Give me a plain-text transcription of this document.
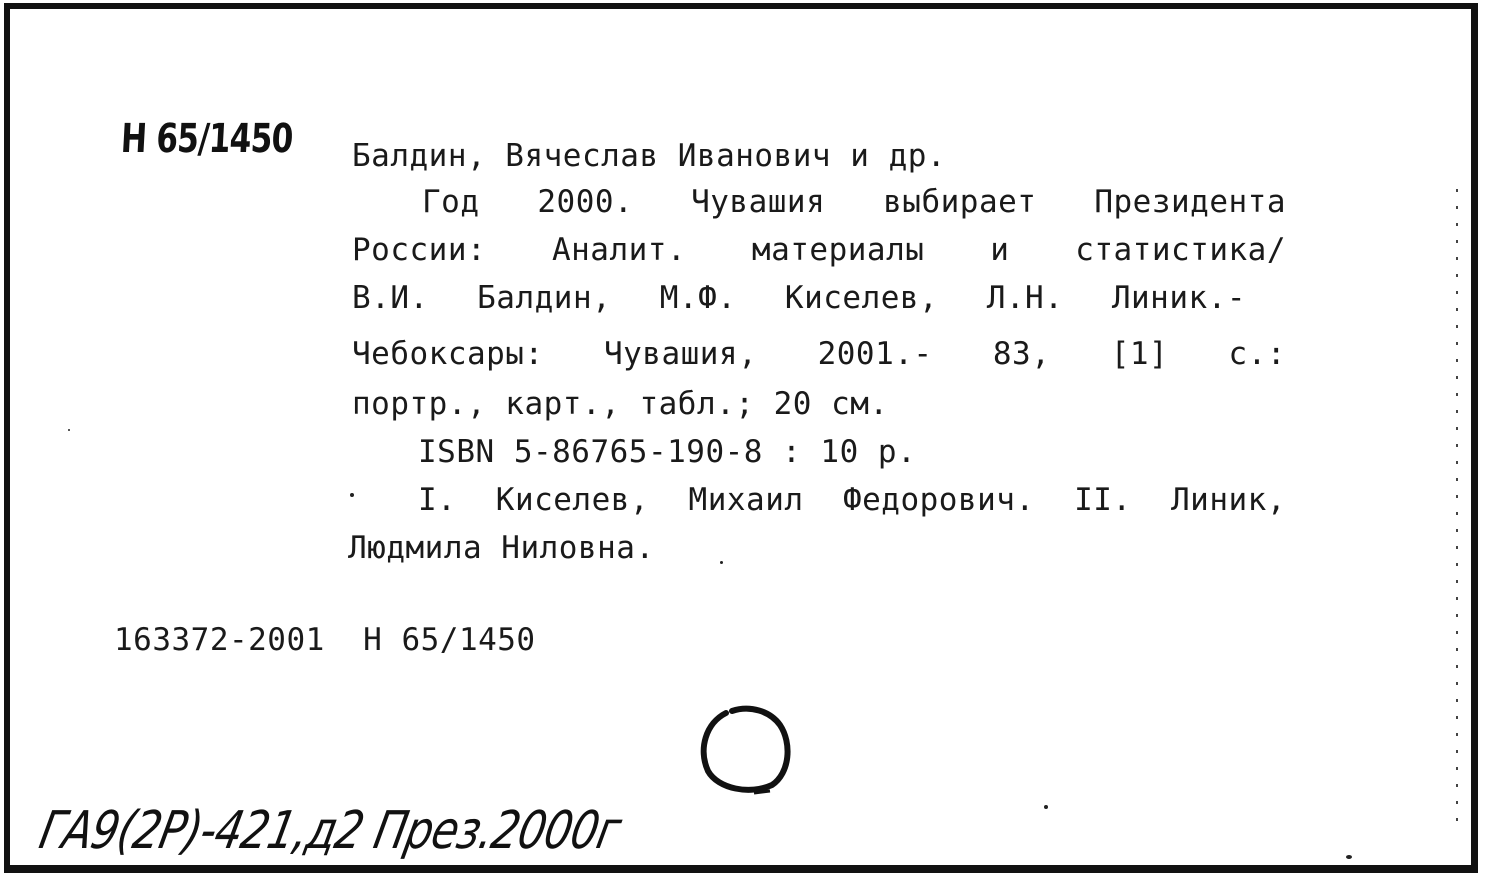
H 65/1450 Балдин, Вячеслав Иванович и др.
Год 2000. Чувашия выбирает Президента
России: Аналит. материалы и статистика/
В.И. Балдин, М.Ф. Киселев, Л.Н. Линик.-
Чебоксары: Чувашия, 2001.- 83, [1] с.:
портр., карт., табл.; 20 см.
ISBN 5-86765-190-8 : 10 р.
I. Киселев, Михаил Федорович. II. Линик,
Людмила Ниловна.
163372-2001  Н 65/1450
ГА9(2Р)-421,д2 През.2000г
